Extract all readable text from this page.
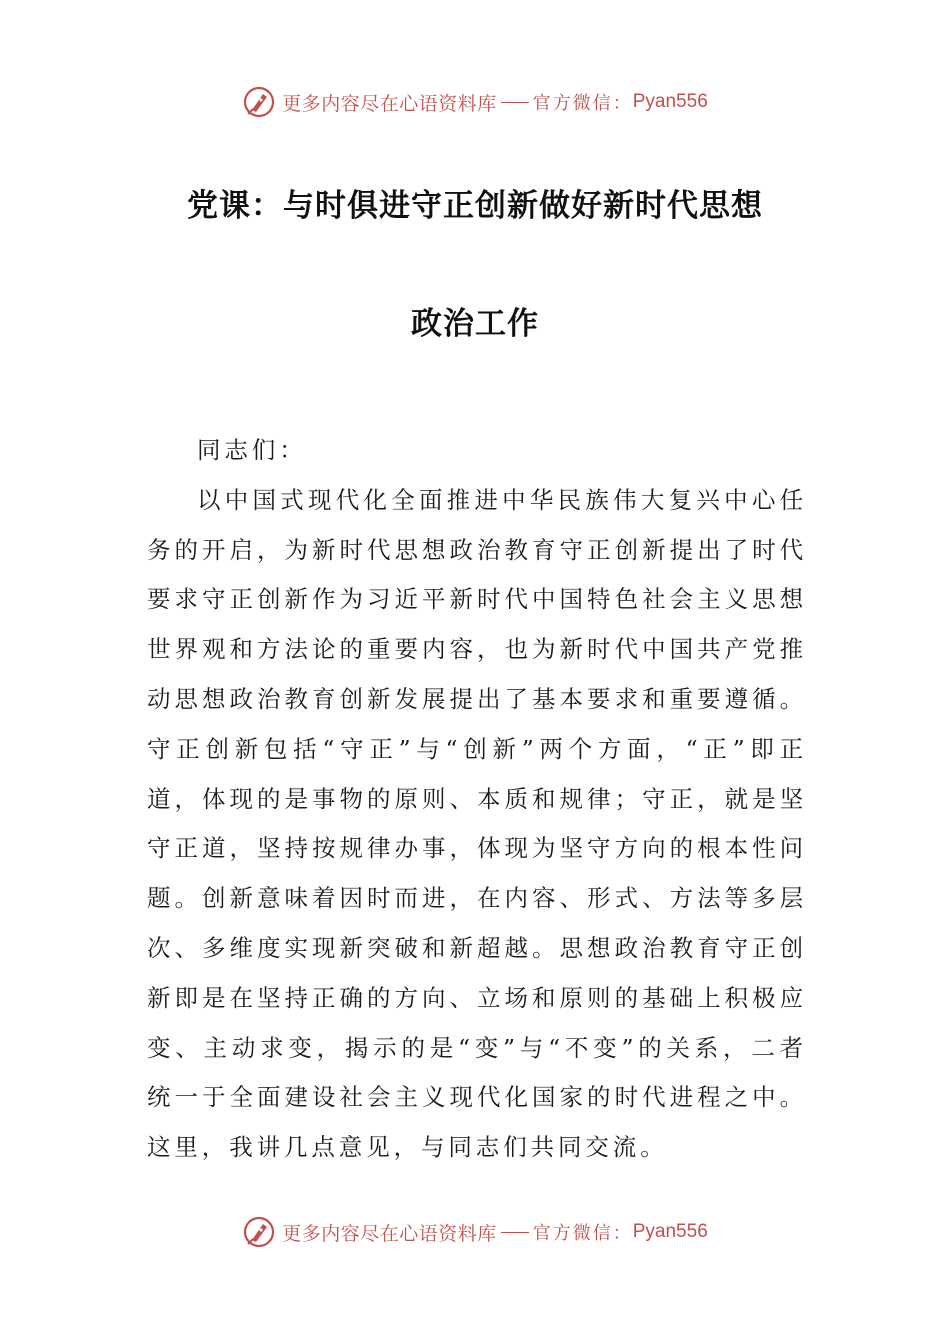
更多内容尽在心语资料库 官方微信： Pyan556
党课：与时俱进守正创新做好新时代思想
政治工作

同志们：

以中国式现代化全面推进中华民族伟大复兴中心任务的开启，为新时代思想政治教育守正创新提出了时代要求守正创新作为习近平新时代中国特色社会主义思想世界观和方法论的重要内容，也为新时代中国共产党推动思想政治教育创新发展提出了基本要求和重要遵循。守正创新包括“守正”与“创新”两个方面，“正”即正道，体现的是事物的原则、本质和规律；守正，就是坚守正道，坚持按规律办事，体现为坚守方向的根本性问题。创新意味着因时而进，在内容、形式、方法等多层次、多维度实现新突破和新超越。思想政治教育守正创新即是在坚持正确的方向、立场和原则的基础上积极应变、主动求变，揭示的是“变”与“不变”的关系，二者统一于全面建设社会主义现代化国家的时代进程之中。这里，我讲几点意见，与同志们共同交流。

更多内容尽在心语资料库 官方微信： Pyan556
